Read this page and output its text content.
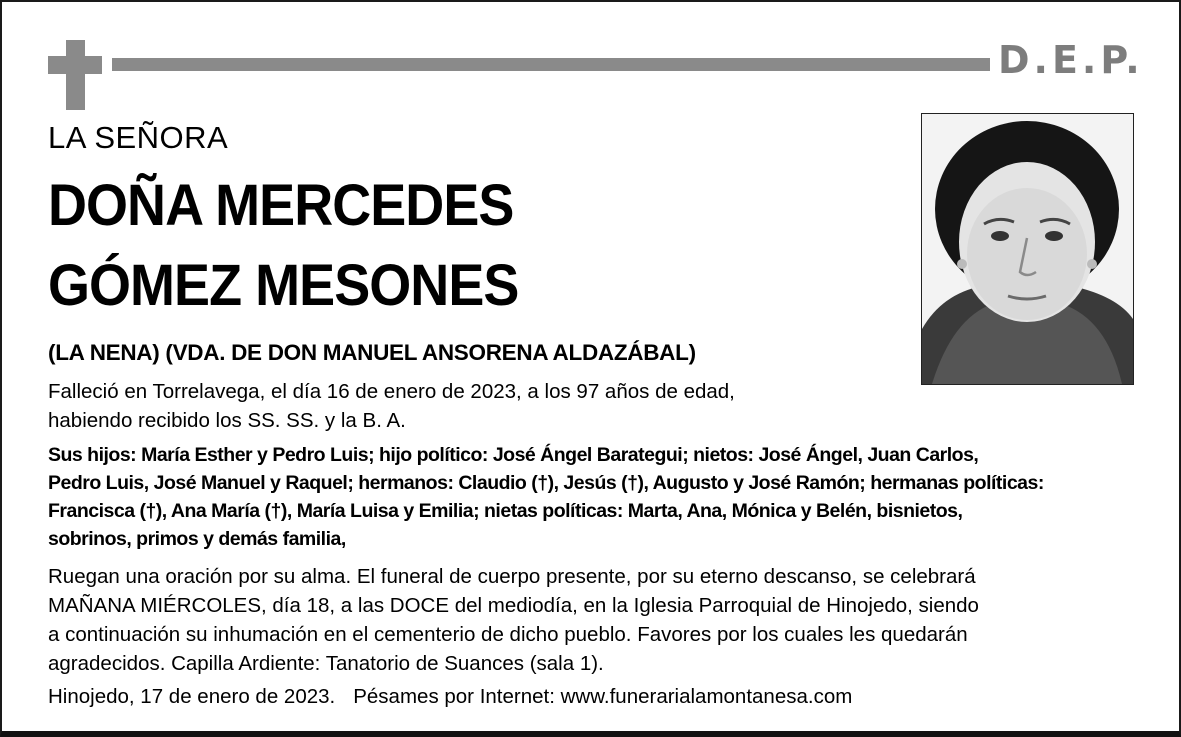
D.E.P.
LA SEÑORA
DOÑA MERCEDES
GÓMEZ MESONES
(LA NENA) (VDA. DE DON MANUEL ANSORENA ALDAZÁBAL)
Falleció en Torrelavega, el día 16 de enero de 2023, a los 97 años de edad,
habiendo recibido los SS. SS. y la B. A.
Sus hijos: María Esther y Pedro Luis; hijo político: José Ángel Barategui; nietos: José Ángel, Juan Carlos,
Pedro Luis, José Manuel y Raquel; hermanos: Claudio (†), Jesús (†), Augusto y José Ramón; hermanas políticas:
Francisca (†), Ana María (†), María Luisa y Emilia; nietas políticas: Marta, Ana, Mónica y Belén, bisnietos,
sobrinos, primos y demás familia,
Ruegan una oración por su alma. El funeral de cuerpo presente, por su eterno descanso, se celebrará
MAÑANA MIÉRCOLES, día 18, a las DOCE del mediodía, en la Iglesia Parroquial de Hinojedo, siendo
a continuación su inhumación en el cementerio de dicho pueblo. Favores por los cuales les quedarán
agradecidos. Capilla Ardiente: Tanatorio de Suances (sala 1).
Hinojedo, 17 de enero de 2023. Pésames por Internet: www.funerarialamontanesa.com
